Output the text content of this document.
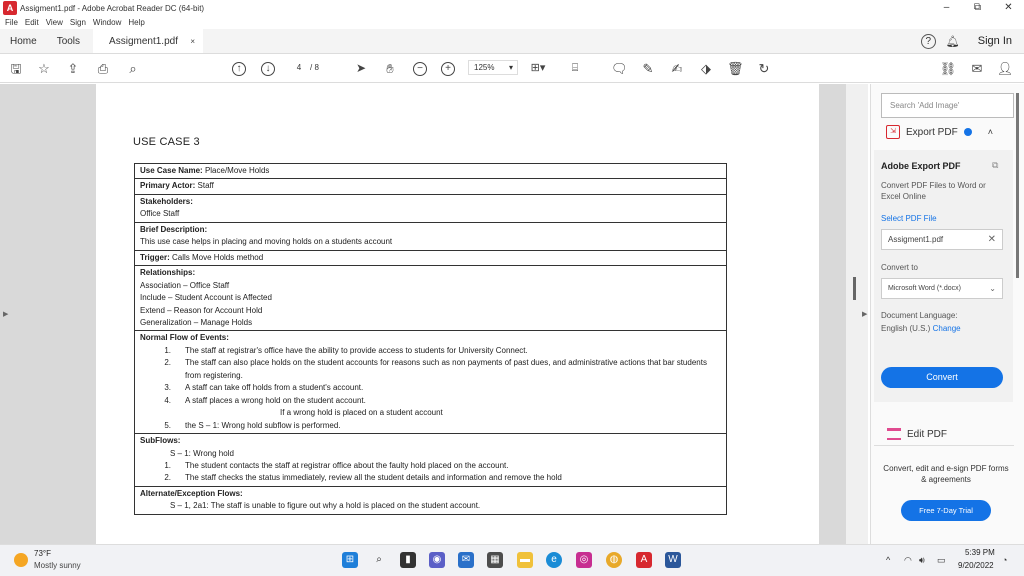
A Assigment1.pdf - Adobe Acrobat Reader DC (64-bit)	–	⧉	✕
File Edit View Sign Window Help
Home	Tools	Assigment1.pdf ×	?	🔔︎ Sign In
🖫 ☆ ⇪ ⎙	⌕	↑	↓	➤	✋︎	−	+	⊞▾	⌸	🗨︎ ✎ ✍︎	⬗	🗑︎ ↻	⛓ ✉ 👤︎
4	/ 8	125% ▾
▶	▶
USE CASE 3
Use Case Name: Place/Move Holds
Primary Actor: Staff

Stakeholders:
Office Staff

Brief Description:
This use case helps in placing and moving holds on a students account

Trigger: Calls Move Holds method

Relationships:
Association – Office Staff
Include – Student Account is Affected
Extend – Reason for Account Hold
Generalization – Manage Holds

Normal Flow of Events:
1.	The staff at registrar's office have the ability to provide access to students for University Connect.
2.	The staff can also place holds on the student accounts for reasons such as non payments of past dues, and administrative actions that bar students from registering.
3.	A staff can take off holds from a student's account.
4.	A staff places a wrong hold on the student account.
If a wrong hold is placed on a student account
5.	the S – 1: Wrong hold subflow is performed.

SubFlows:
S – 1: Wrong hold
1.	The student contacts the staff at registrar office about the faulty hold placed on the account.
2.	The staff checks the status immediately, review all the student details and information and remove the hold

Alternate/Exception Flows:
S – 1, 2a1: The staff is unable to figure out why a hold is placed on the student account.
Search 'Add Image'
⇲	Export PDF	˄
Adobe Export PDF	⧉
Convert PDF Files to Word or Excel Online
Select PDF File
Assigment1.pdf	✕
Convert to
Microsoft Word (*.docx)	⌄
Document Language:
English (U.S.) Change
Convert
Edit PDF
Convert, edit and e-sign PDF forms & agreements
Free 7-Day Trial
73°F
Mostly sunny
⊞	⌕	▮	◉	✉	▦	▬	e	◎	◍	A	W	^ ◠ 🔊︎ ▭
5:39 PM
9/20/2022
◔
